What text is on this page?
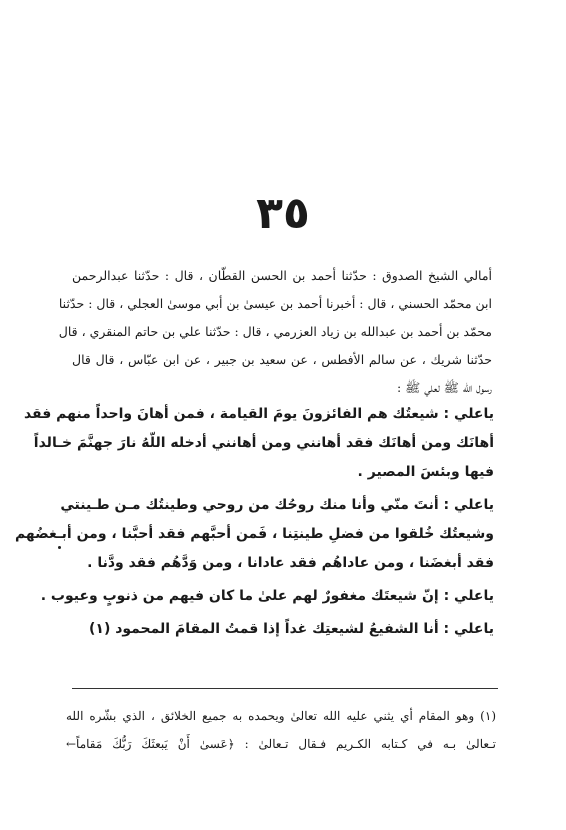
٣٥
أمالي الشيخ الصدوق : حدّثنا أحمد بن الحسن القطّان ، قال : حدّثنا عبدالرحمن
ابن محمّد الحسني ، قال : أخبرنا أحمد بن عيسىٰ بن أبي موسىٰ العجلي ، قال : حدّثنا
محمّد بن أحمد بن عبدالله بن زياد العزرمي ، قال : حدّثنا علي بن حاتم المنقري ، قال
حدّثنا شريك ، عن سالم الأفطس ، عن سعيد بن جبير ، عن ابن عبّاس ، قال قال
رسول الله ﷺ لعلي ﷺ :
ياعلي : شيعتُك هم الفائزونَ يومَ القيامة ، فمن أهانَ واحداً منهم فقد
أهانَك ومن أهانَك فقد أهانني ومن أهانني أدخله اللّهُ نارَ جهنَّمَ خـالداً
فيها وبئسَ المصير .
ياعلي : أنتَ منّي وأنا منك روحُك من روحي وطينتُك مـن طـينتي
وشيعتُك خُلقوا من فضلِ طينتِنا ، فَمن أحبَّهم فقد أحبَّنا ، ومن أبـغضُهم
فقد أبغضَنا ، ومن عاداهُم فقد عادانا ، ومن وَدَّهُم فقد ودَّنا .
ياعلي : إنّ شيعتَك مغفورٌ لهم علىٰ ما كان فيهم من ذنوبٍ وعيوب .
ياعلي : أنا الشفيعُ لشيعتِك غداً إذا قمتُ المقامَ المحمود (١)
(١) وهو المقام أي يثني عليه الله تعالىٰ ويحمده به جميع الخلائق ، الذي بشّره الله
تـعالىٰ بـه في كـتابه الكـريم فـقال تـعالىٰ : ﴿عَسىٰ أَنْ يَبعثَكَ رَبُّكَ مَقاماً←
